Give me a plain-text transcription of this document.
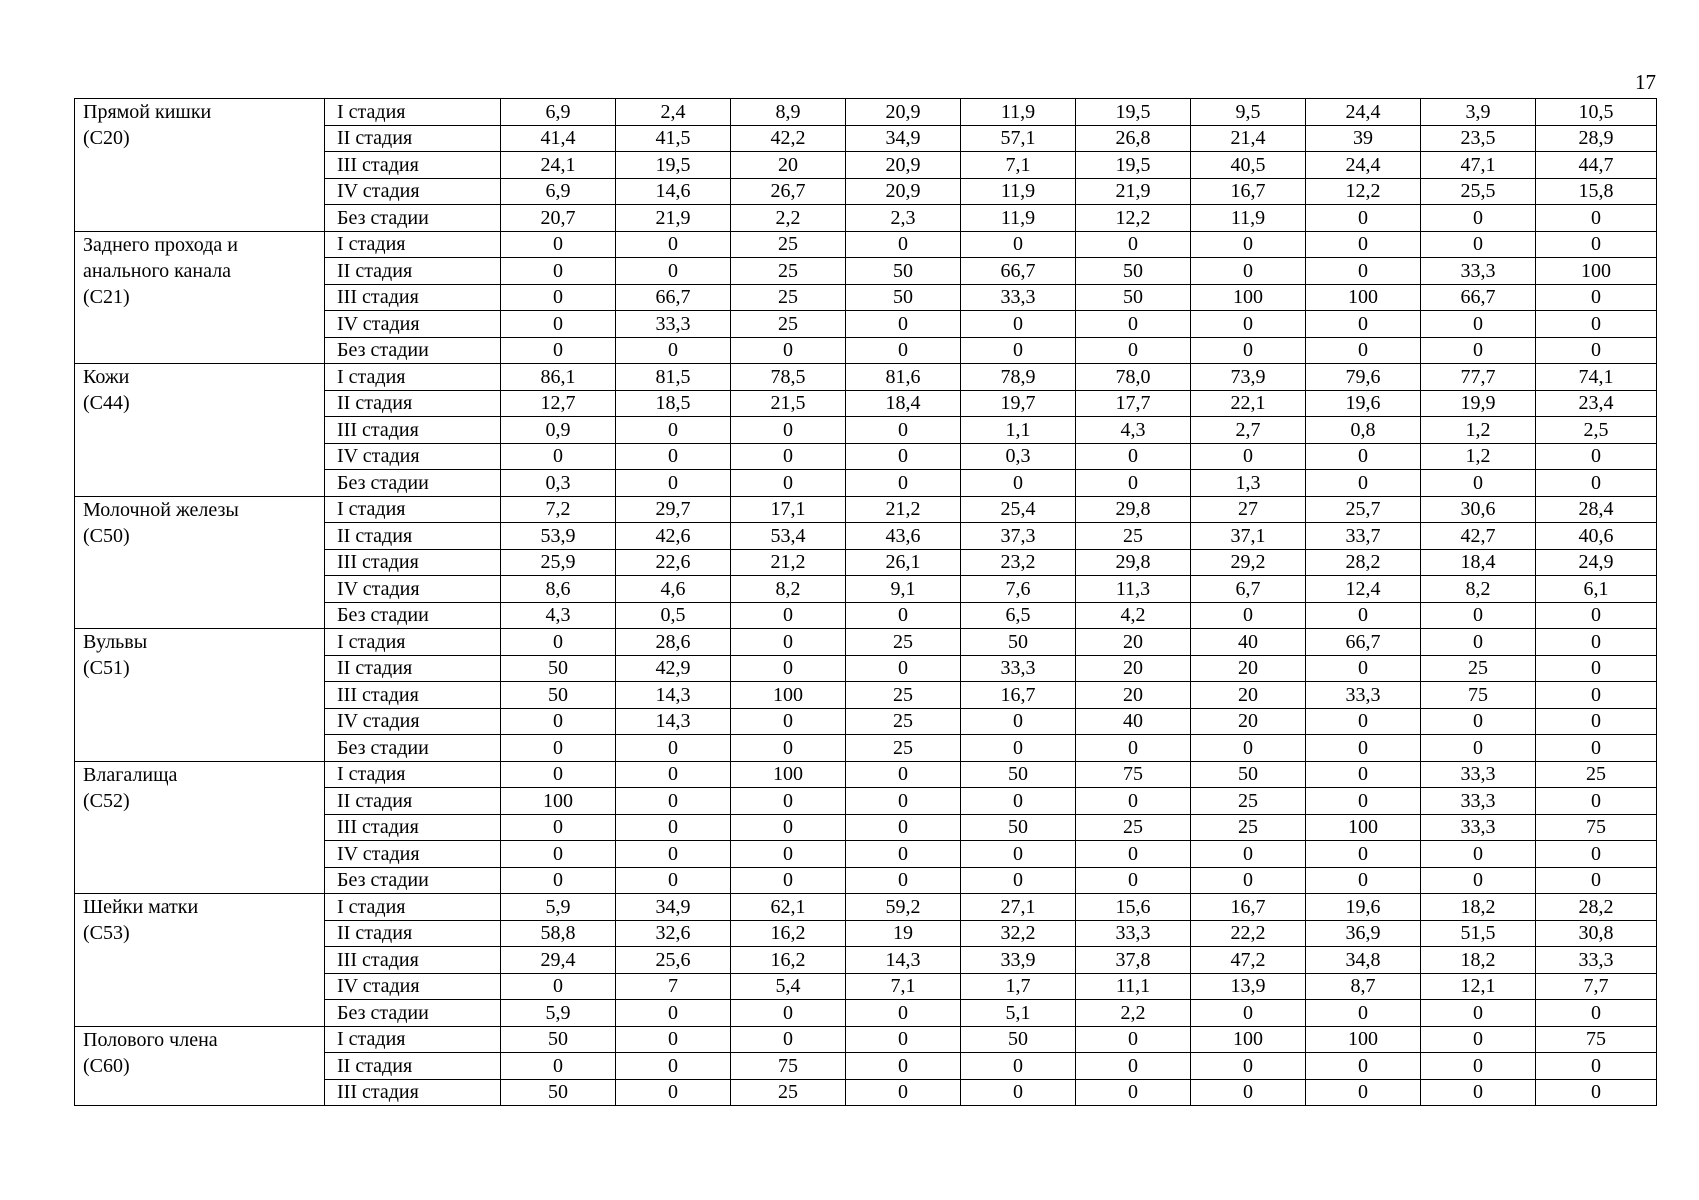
17
Прямой кишки
(С20)	I стадия	6,9	2,4	8,9	20,9	11,9	19,5	9,5	24,4	3,9	10,5
	II стадия	41,4	41,5	42,2	34,9	57,1	26,8	21,4	39	23,5	28,9
	III стадия	24,1	19,5	20	20,9	7,1	19,5	40,5	24,4	47,1	44,7
	IV стадия	6,9	14,6	26,7	20,9	11,9	21,9	16,7	12,2	25,5	15,8
	Без стадии	20,7	21,9	2,2	2,3	11,9	12,2	11,9	0	0	0

Заднего прохода и
анального канала
(С21)	I стадия	0	0	25	0	0	0	0	0	0	0
	II стадия	0	0	25	50	66,7	50	0	0	33,3	100
	III стадия	0	66,7	25	50	33,3	50	100	100	66,7	0
	IV стадия	0	33,3	25	0	0	0	0	0	0	0
	Без стадии	0	0	0	0	0	0	0	0	0	0

Кожи
(С44)	I стадия	86,1	81,5	78,5	81,6	78,9	78,0	73,9	79,6	77,7	74,1
	II стадия	12,7	18,5	21,5	18,4	19,7	17,7	22,1	19,6	19,9	23,4
	III стадия	0,9	0	0	0	1,1	4,3	2,7	0,8	1,2	2,5
	IV стадия	0	0	0	0	0,3	0	0	0	1,2	0
	Без стадии	0,3	0	0	0	0	0	1,3	0	0	0

Молочной железы
(С50)	I стадия	7,2	29,7	17,1	21,2	25,4	29,8	27	25,7	30,6	28,4
	II стадия	53,9	42,6	53,4	43,6	37,3	25	37,1	33,7	42,7	40,6
	III стадия	25,9	22,6	21,2	26,1	23,2	29,8	29,2	28,2	18,4	24,9
	IV стадия	8,6	4,6	8,2	9,1	7,6	11,3	6,7	12,4	8,2	6,1
	Без стадии	4,3	0,5	0	0	6,5	4,2	0	0	0	0

Вульвы
(С51)	I стадия	0	28,6	0	25	50	20	40	66,7	0	0
	II стадия	50	42,9	0	0	33,3	20	20	0	25	0
	III стадия	50	14,3	100	25	16,7	20	20	33,3	75	0
	IV стадия	0	14,3	0	25	0	40	20	0	0	0
	Без стадии	0	0	0	25	0	0	0	0	0	0

Влагалища
(С52)	I стадия	0	0	100	0	50	75	50	0	33,3	25
	II стадия	100	0	0	0	0	0	25	0	33,3	0
	III стадия	0	0	0	0	50	25	25	100	33,3	75
	IV стадия	0	0	0	0	0	0	0	0	0	0
	Без стадии	0	0	0	0	0	0	0	0	0	0

Шейки матки
(С53)	I стадия	5,9	34,9	62,1	59,2	27,1	15,6	16,7	19,6	18,2	28,2
	II стадия	58,8	32,6	16,2	19	32,2	33,3	22,2	36,9	51,5	30,8
	III стадия	29,4	25,6	16,2	14,3	33,9	37,8	47,2	34,8	18,2	33,3
	IV стадия	0	7	5,4	7,1	1,7	11,1	13,9	8,7	12,1	7,7
	Без стадии	5,9	0	0	0	5,1	2,2	0	0	0	0

Полового члена
(С60)	I стадия	50	0	0	0	50	0	100	100	0	75
	II стадия	0	0	75	0	0	0	0	0	0	0
	III стадия	50	0	25	0	0	0	0	0	0	0
